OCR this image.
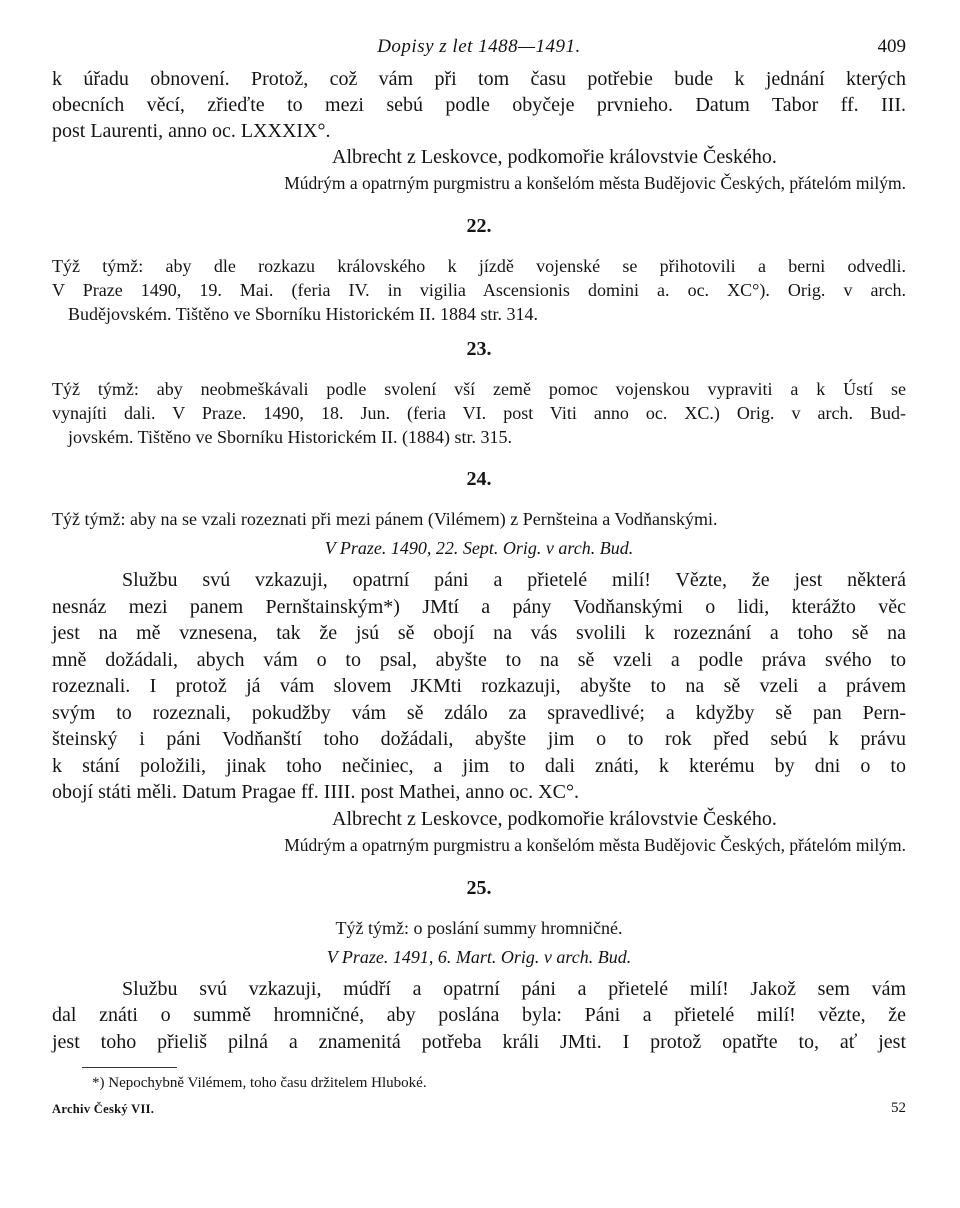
Dopisy z let 1488—1491.	409
k úřadu obnovení. Protož, což vám při tom času potřebie bude k jednání kterých
obecních věcí, zřieďte to mezi sebú podle obyčeje prvnieho. Datum Tabor ff. III.
post Laurenti, anno oc. LXXXIX°.
Albrecht z Leskovce, podkomořie královstvie Českého.
Múdrým a opatrným purgmistru a konšelóm města Budějovic Českých, přátelóm milým.
22.
Týž týmž: aby dle rozkazu královského k jízdě vojenské se přihotovili a berni odvedli.
V Praze 1490, 19. Mai. (feria IV. in vigilia Ascensionis domini a. oc. XC°). Orig. v arch.
Budějovském. Tištěno ve Sborníku Historickém II. 1884 str. 314.
23.
Týž týmž: aby neobmeškávali podle svolení vší země pomoc vojenskou vypraviti a k Ústí se
vynajíti dali. V Praze. 1490, 18. Jun. (feria VI. post Viti anno oc. XC.) Orig. v arch. Bud-
jovském. Tištěno ve Sborníku Historickém II. (1884) str. 315.
24.
Týž týmž: aby na se vzali rozeznati při mezi pánem (Vilémem) z Pernšteina a Vodňanskými.
V Praze. 1490, 22. Sept. Orig. v arch. Bud.
Službu svú vzkazuji, opatrní páni a přietelé milí! Vězte, že jest některá
nesnáz mezi panem Pernštainským*) JMtí a pány Vodňanskými o lidi, kterážto věc
jest na mě vznesena, tak že jsú sě obojí na vás svolili k rozeznání a toho sě na
mně dožádali, abych vám o to psal, abyšte to na sě vzeli a podle práva svého to
rozeznali. I protož já vám slovem JKMti rozkazuji, abyšte to na sě vzeli a právem
svým to rozeznali, pokudžby vám sě zdálo za spravedlivé; a kdyžby sě pan Pern-
šteinský i páni Vodňanští toho dožádali, abyšte jim o to rok před sebú k právu
k stání položili, jinak toho nečiniec, a jim to dali znáti, k kterému by dni o to
obojí státi měli. Datum Pragae ff. IIII. post Mathei, anno oc. XC°.
Albrecht z Leskovce, podkomořie královstvie Českého.
Múdrým a opatrným purgmistru a konšelóm města Budějovic Českých, přátelóm milým.
25.
Týž týmž: o poslání summy hromničné.
V Praze. 1491, 6. Mart. Orig. v arch. Bud.
Službu svú vzkazuji, múdří a opatrní páni a přietelé milí! Jakož sem vám
dal znáti o summě hromničné, aby poslána byla: Páni a přietelé milí! vězte, že
jest toho přieliš pilná a znamenitá potřeba králi JMti. I protož opatřte to, ať jest
*) Nepochybně Vilémem, toho času držitelem Hluboké.
Archiv Český VII.	52
